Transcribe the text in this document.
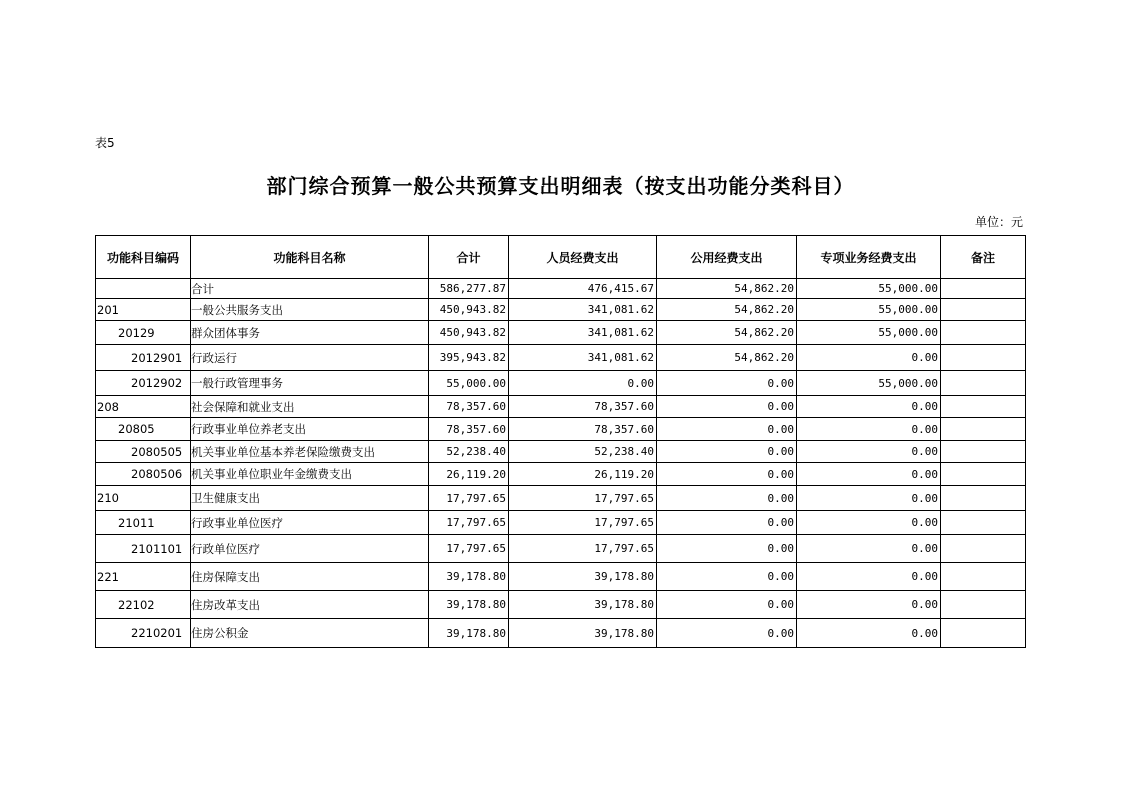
表5
部门综合预算一般公共预算支出明细表（按支出功能分类科目）
单位：元
功能科目编码	功能科目名称	合计	人员经费支出	公用经费支出	专项业务经费支出	备注
	合计	586,277.87	476,415.67	54,862.20	55,000.00	
201	一般公共服务支出	450,943.82	341,081.62	54,862.20	55,000.00	
20129	群众团体事务	450,943.82	341,081.62	54,862.20	55,000.00	
2012901	行政运行	395,943.82	341,081.62	54,862.20	0.00	
2012902	一般行政管理事务	55,000.00	0.00	0.00	55,000.00	
208	社会保障和就业支出	78,357.60	78,357.60	0.00	0.00	
20805	行政事业单位养老支出	78,357.60	78,357.60	0.00	0.00	
2080505	机关事业单位基本养老保险缴费支出	52,238.40	52,238.40	0.00	0.00	
2080506	机关事业单位职业年金缴费支出	26,119.20	26,119.20	0.00	0.00	
210	卫生健康支出	17,797.65	17,797.65	0.00	0.00	
21011	行政事业单位医疗	17,797.65	17,797.65	0.00	0.00	
2101101	行政单位医疗	17,797.65	17,797.65	0.00	0.00	
221	住房保障支出	39,178.80	39,178.80	0.00	0.00	
22102	住房改革支出	39,178.80	39,178.80	0.00	0.00	
2210201	住房公积金	39,178.80	39,178.80	0.00	0.00	
